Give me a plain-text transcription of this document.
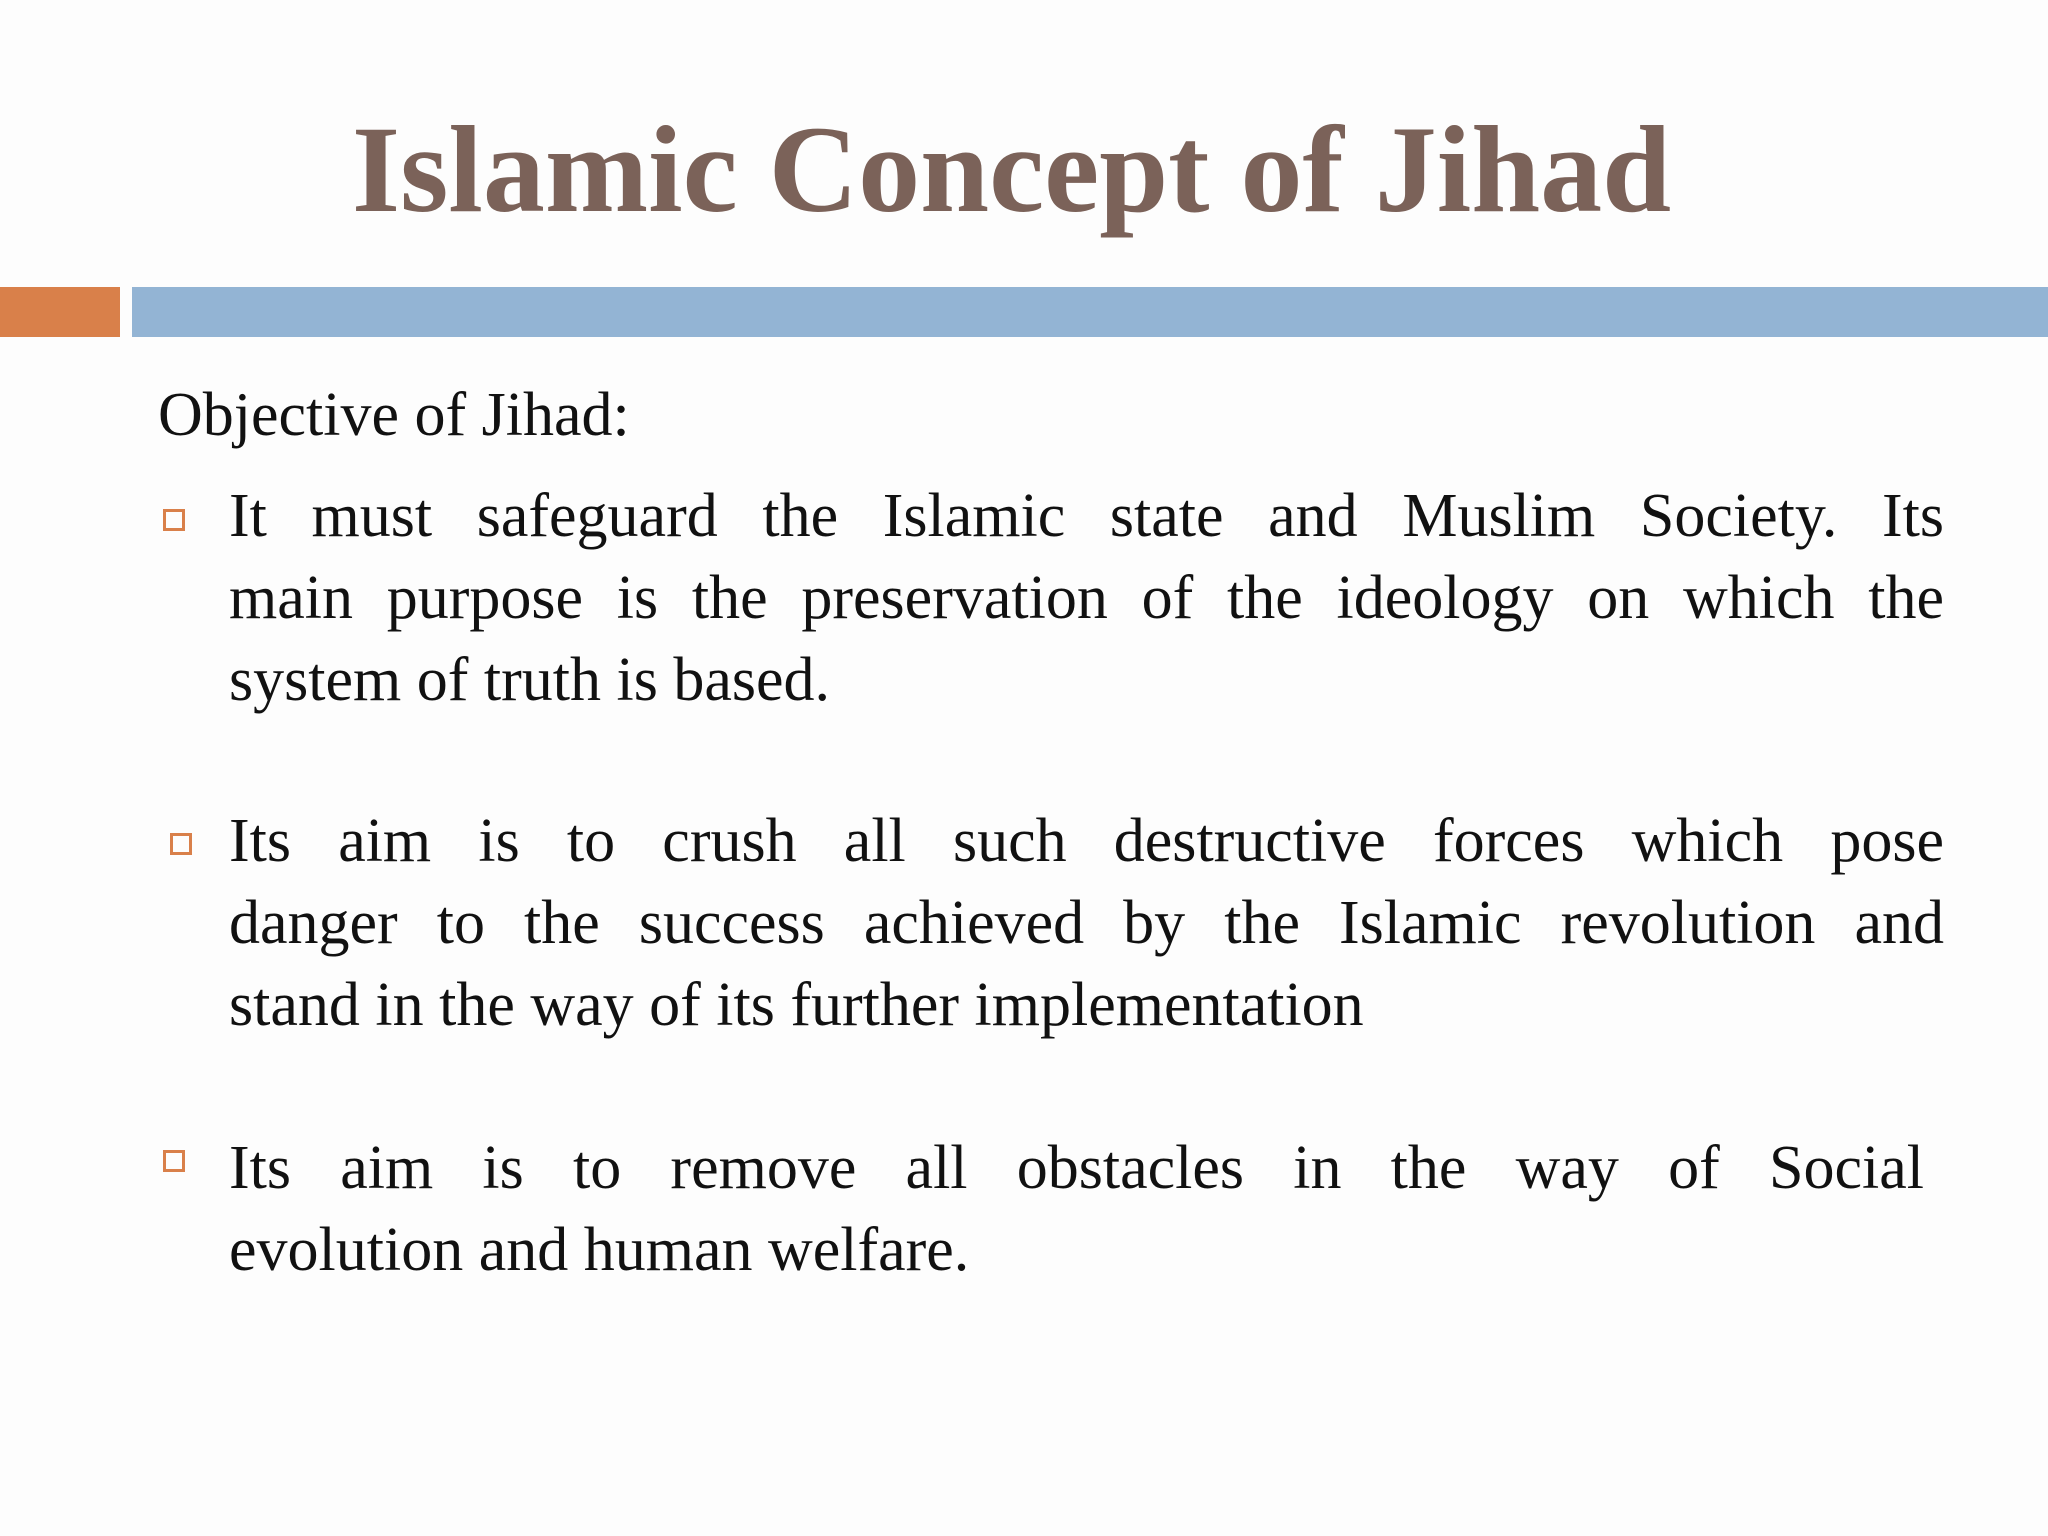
Islamic Concept of Jihad
Objective of Jihad:

It must safeguard the Islamic state and Muslim Society. Its

main purpose is the preservation of the ideology on which the

system of truth is based.

Its aim is to crush all such destructive forces which pose

danger to the success achieved by the Islamic revolution and

stand in the way of its further implementation

Its aim is to remove all obstacles in the way of Social

evolution and human welfare.
